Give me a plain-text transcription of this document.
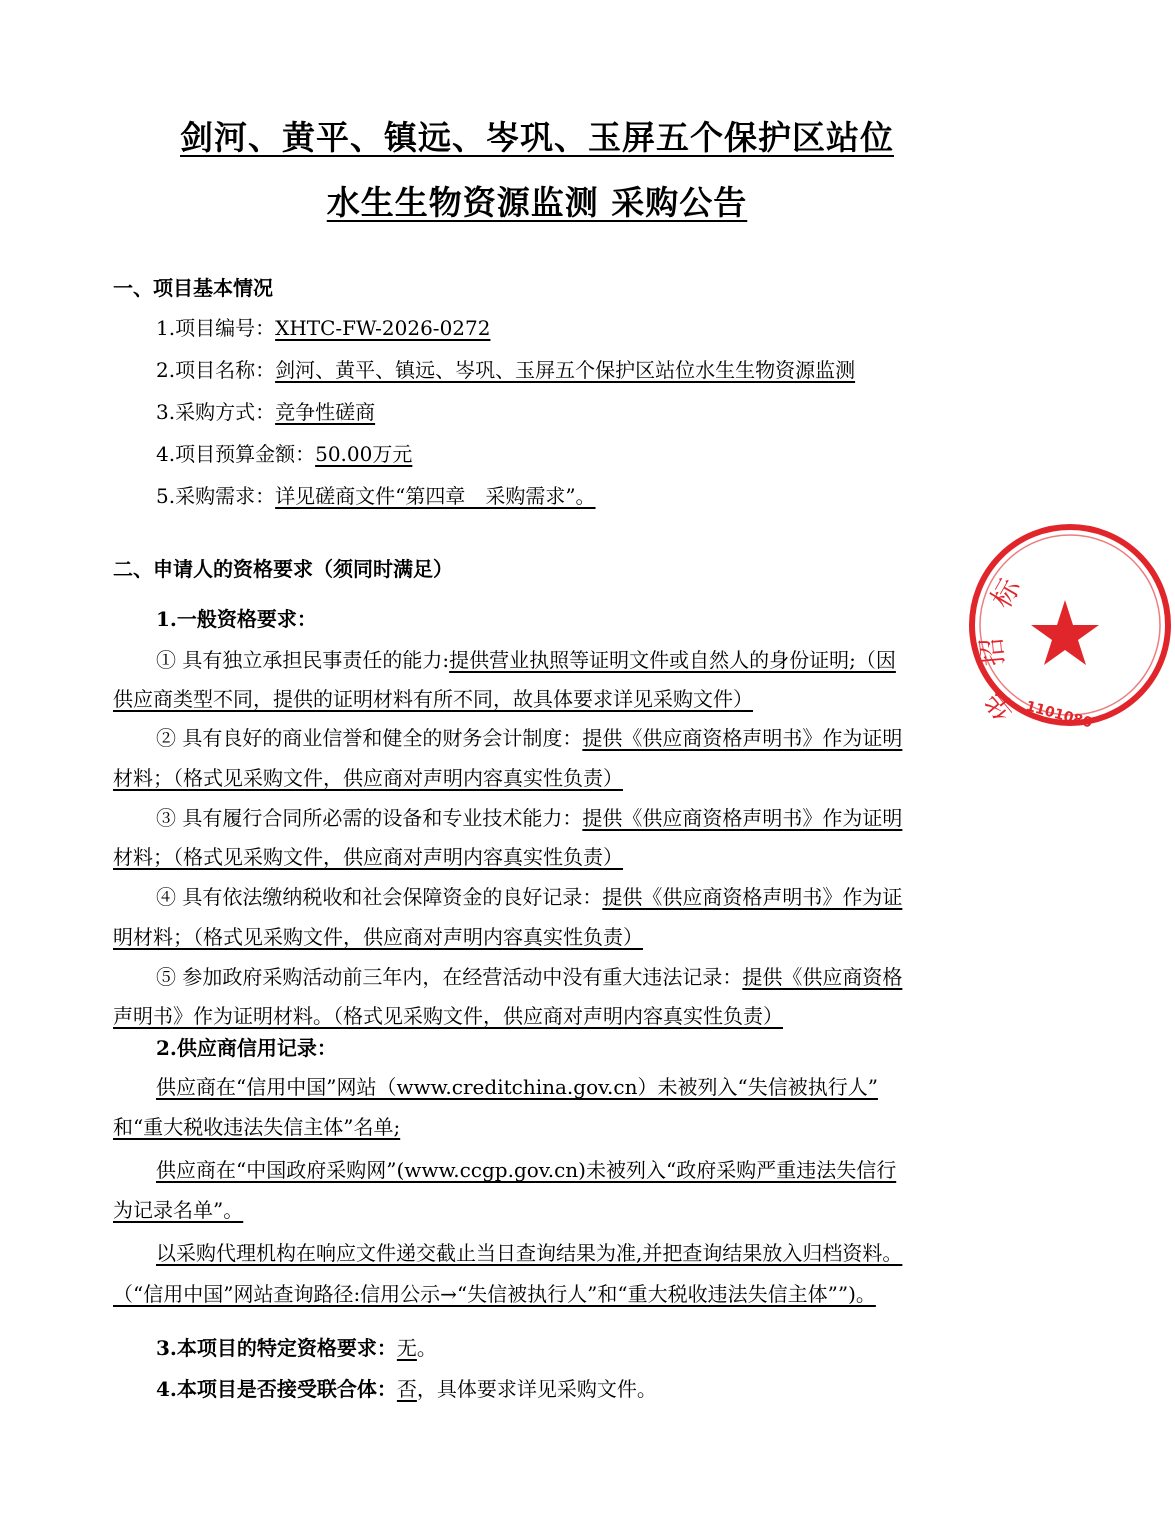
剑河、黄平、镇远、岑巩、玉屏五个保护区站位
水生生物资源监测 采购公告
一、项目基本情况
1.项目编号：XHTC-FW-2026-0272
2.项目名称：剑河、黄平、镇远、岑巩、玉屏五个保护区站位水生生物资源监测
3.采购方式：竞争性磋商
4.项目预算金额：50.00万元
5.采购需求：详见磋商文件“第四章　采购需求”。
二、申请人的资格要求（须同时满足）
1.一般资格要求：
① 具有独立承担民事责任的能力:提供营业执照等证明文件或自然人的身份证明;（因
供应商类型不同，提供的证明材料有所不同，故具体要求详见采购文件）
② 具有良好的商业信誉和健全的财务会计制度：提供《供应商资格声明书》作为证明
材料；（格式见采购文件，供应商对声明内容真实性负责）
③ 具有履行合同所必需的设备和专业技术能力：提供《供应商资格声明书》作为证明
材料；（格式见采购文件，供应商对声明内容真实性负责）
④ 具有依法缴纳税收和社会保障资金的良好记录：提供《供应商资格声明书》作为证
明材料；（格式见采购文件，供应商对声明内容真实性负责）
⑤ 参加政府采购活动前三年内，在经营活动中没有重大违法记录：提供《供应商资格
声明书》作为证明材料。（格式见采购文件，供应商对声明内容真实性负责）
2.供应商信用记录：
供应商在“信用中国”网站（www.creditchina.gov.cn）未被列入“失信被执行人”
和“重大税收违法失信主体”名单;
供应商在“中国政府采购网”(www.ccgp.gov.cn)未被列入“政府采购严重违法失信行
为记录名单”。
以采购代理机构在响应文件递交截止当日查询结果为准,并把查询结果放入归档资料。
（“信用中国”网站查询路径:信用公示→“失信被执行人”和“重大税收违法失信主体””)。
3.本项目的特定资格要求：无。
4.本项目是否接受联合体：否，具体要求详见采购文件。
标
招
华 1101080
